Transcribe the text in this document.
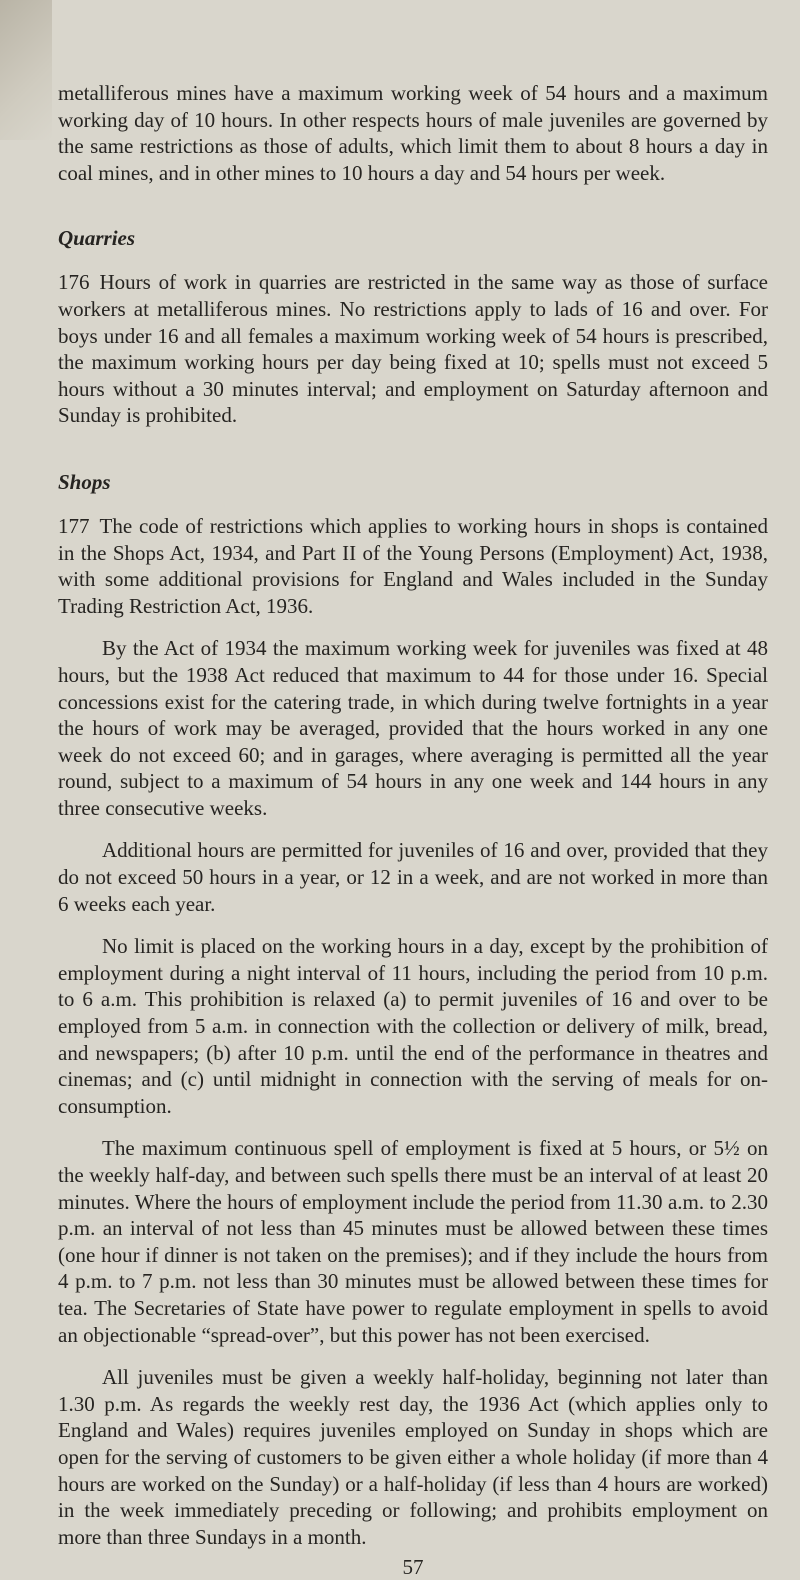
metalliferous mines have a maximum working week of 54 hours and a maximum working day of 10 hours. In other respects hours of male juveniles are governed by the same restrictions as those of adults, which limit them to about 8 hours a day in coal mines, and in other mines to 10 hours a day and 54 hours per week.

Quarries

176 Hours of work in quarries are restricted in the same way as those of surface workers at metalliferous mines. No restrictions apply to lads of 16 and over. For boys under 16 and all females a maximum working week of 54 hours is prescribed, the maximum working hours per day being fixed at 10; spells must not exceed 5 hours without a 30 minutes interval; and employment on Saturday afternoon and Sunday is prohibited.

Shops

177 The code of restrictions which applies to working hours in shops is contained in the Shops Act, 1934, and Part II of the Young Persons (Employment) Act, 1938, with some additional provisions for England and Wales included in the Sunday Trading Restriction Act, 1936.

By the Act of 1934 the maximum working week for juveniles was fixed at 48 hours, but the 1938 Act reduced that maximum to 44 for those under 16. Special concessions exist for the catering trade, in which during twelve fortnights in a year the hours of work may be averaged, provided that the hours worked in any one week do not exceed 60; and in garages, where averaging is permitted all the year round, subject to a maximum of 54 hours in any one week and 144 hours in any three consecutive weeks.

Additional hours are permitted for juveniles of 16 and over, provided that they do not exceed 50 hours in a year, or 12 in a week, and are not worked in more than 6 weeks each year.

No limit is placed on the working hours in a day, except by the prohibition of employment during a night interval of 11 hours, including the period from 10 p.m. to 6 a.m. This prohibition is relaxed (a) to permit juveniles of 16 and over to be employed from 5 a.m. in connection with the collection or delivery of milk, bread, and newspapers; (b) after 10 p.m. until the end of the performance in theatres and cinemas; and (c) until midnight in connection with the serving of meals for on-consumption.

The maximum continuous spell of employment is fixed at 5 hours, or 5½ on the weekly half-day, and between such spells there must be an interval of at least 20 minutes. Where the hours of employment include the period from 11.30 a.m. to 2.30 p.m. an interval of not less than 45 minutes must be allowed between these times (one hour if dinner is not taken on the premises); and if they include the hours from 4 p.m. to 7 p.m. not less than 30 minutes must be allowed between these times for tea. The Secretaries of State have power to regulate employment in spells to avoid an objectionable “spread-over”, but this power has not been exercised.

All juveniles must be given a weekly half-holiday, beginning not later than 1.30 p.m. As regards the weekly rest day, the 1936 Act (which applies only to England and Wales) requires juveniles employed on Sunday in shops which are open for the serving of customers to be given either a whole holiday (if more than 4 hours are worked on the Sunday) or a half-holiday (if less than 4 hours are worked) in the week immediately preceding or following; and prohibits employment on more than three Sundays in a month.

57
